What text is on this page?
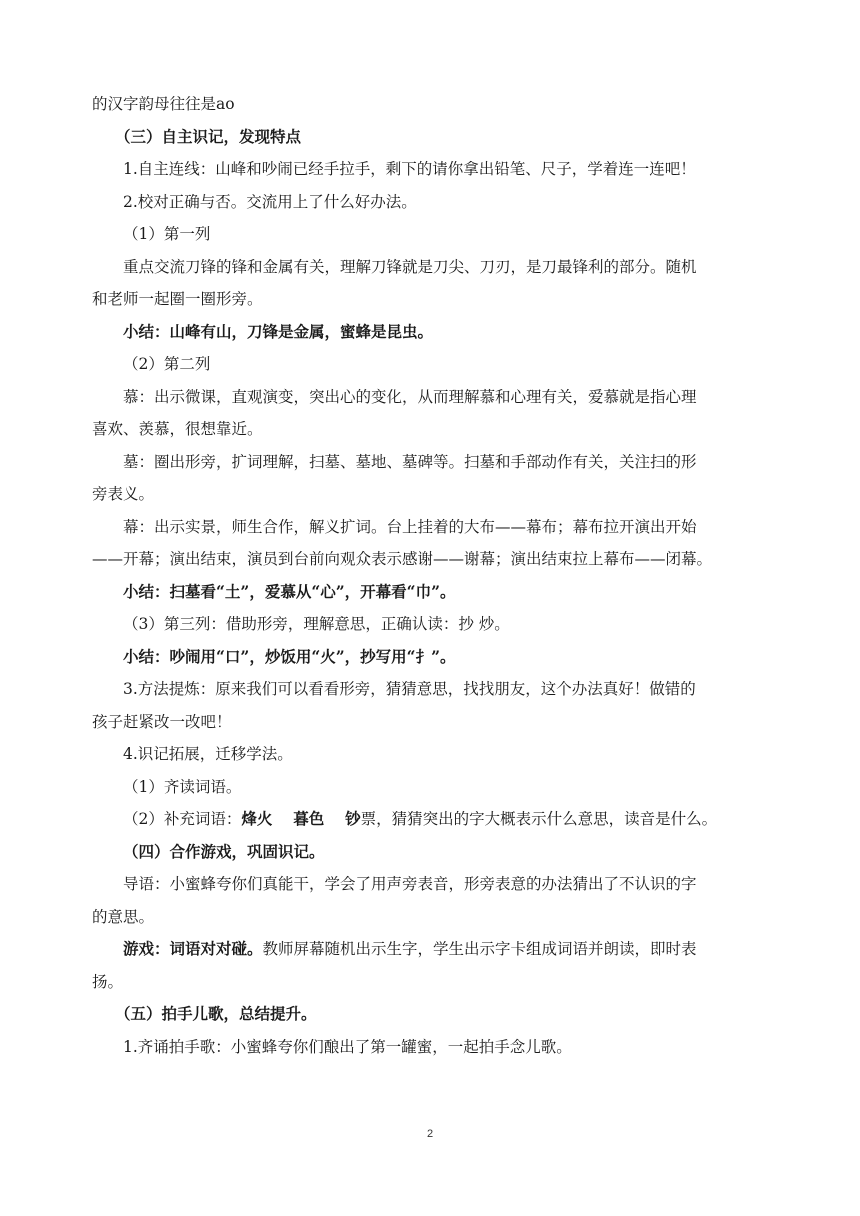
的汉字韵母往往是ao

（三）自主识记，发现特点

1.自主连线：山峰和吵闹已经手拉手，剩下的请你拿出铅笔、尺子，学着连一连吧！

2.校对正确与否。交流用上了什么好办法。

（1）第一列

重点交流刀锋的锋和金属有关，理解刀锋就是刀尖、刀刃，是刀最锋利的部分。随机

和老师一起圈一圈形旁。

小结：山峰有山，刀锋是金属，蜜蜂是昆虫。

（2）第二列

慕：出示微课，直观演变，突出心的变化，从而理解慕和心理有关，爱慕就是指心理

喜欢、羡慕，很想靠近。

墓：圈出形旁，扩词理解，扫墓、墓地、墓碑等。扫墓和手部动作有关，关注扫的形

旁表义。

幕：出示实景，师生合作，解义扩词。台上挂着的大布——幕布；幕布拉开演出开始

——开幕；演出结束，演员到台前向观众表示感谢——谢幕；演出结束拉上幕布——闭幕。

小结：扫墓看“土”，爱慕从“心”，开幕看“巾”。

（3）第三列：借助形旁，理解意思，正确认读：抄 炒。

小结：吵闹用“口”，炒饭用“火”，抄写用“扌”。

3.方法提炼：原来我们可以看看形旁，猜猜意思，找找朋友，这个办法真好！做错的

孩子赶紧改一改吧！

4.识记拓展，迁移学法。

（1）齐读词语。

（2）补充词语：烽火　 暮色　 钞票，猜猜突出的字大概表示什么意思，读音是什么。

（四）合作游戏，巩固识记。

导语：小蜜蜂夸你们真能干，学会了用声旁表音，形旁表意的办法猜出了不认识的字

的意思。

游戏：词语对对碰。教师屏幕随机出示生字，学生出示字卡组成词语并朗读，即时表

扬。

（五）拍手儿歌，总结提升。

1.齐诵拍手歌：小蜜蜂夸你们酿出了第一罐蜜，一起拍手念儿歌。

2
